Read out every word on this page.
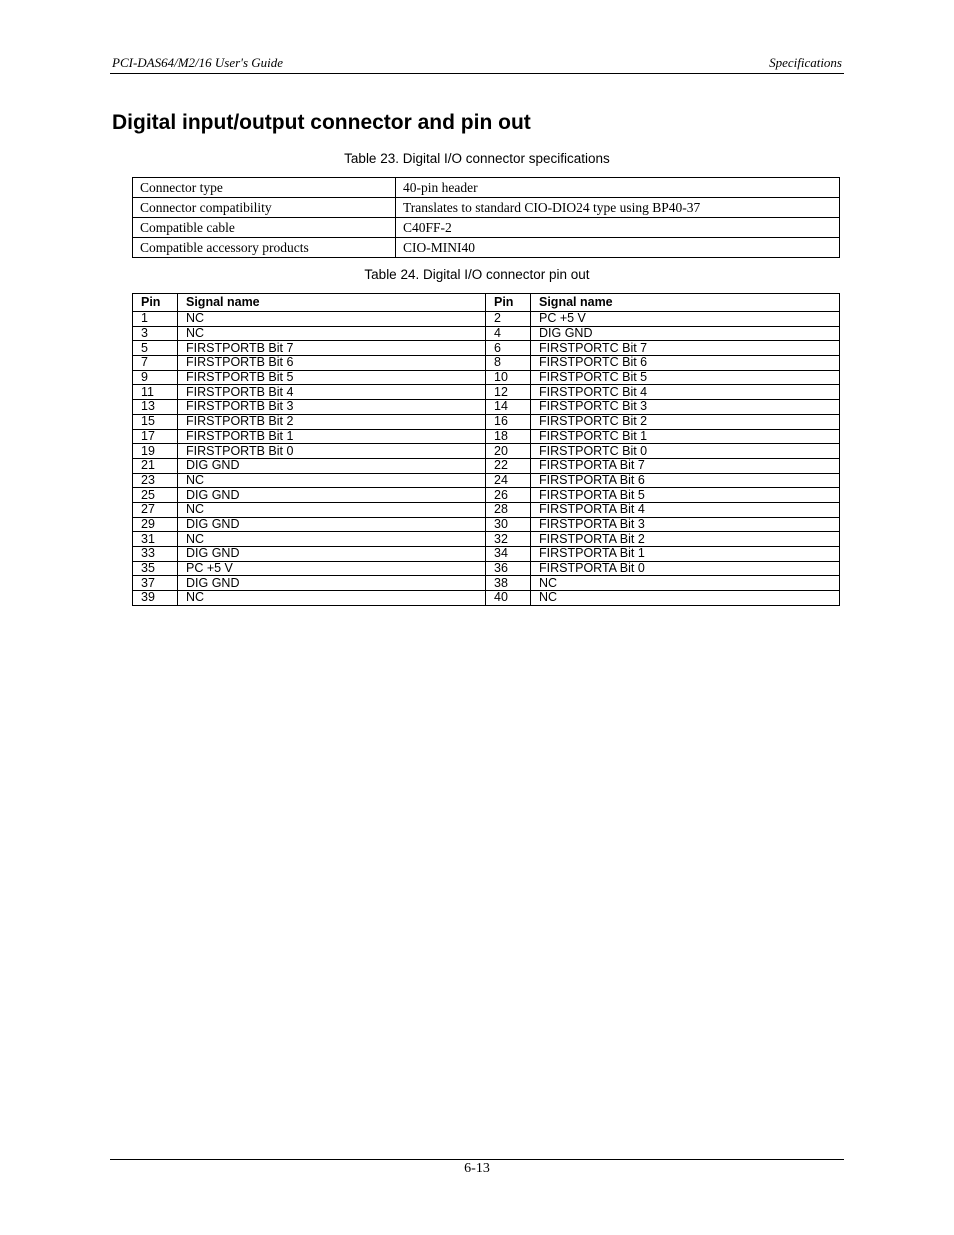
PCI-DAS64/M2/16 User's Guide	Specifications
Digital input/output connector and pin out
Table 23. Digital I/O connector specifications
Connector type	40-pin header
Connector compatibility	Translates to standard CIO-DIO24 type using BP40-37
Compatible cable	C40FF-2
Compatible accessory products	CIO-MINI40
Table 24. Digital I/O connector pin out
Pin	Signal name	Pin	Signal name
1	NC	2	PC +5 V
3	NC	4	DIG GND
5	FIRSTPORTB Bit 7	6	FIRSTPORTC Bit 7
7	FIRSTPORTB Bit 6	8	FIRSTPORTC Bit 6
9	FIRSTPORTB Bit 5	10	FIRSTPORTC Bit 5
11	FIRSTPORTB Bit 4	12	FIRSTPORTC Bit 4
13	FIRSTPORTB Bit 3	14	FIRSTPORTC Bit 3
15	FIRSTPORTB Bit 2	16	FIRSTPORTC Bit 2
17	FIRSTPORTB Bit 1	18	FIRSTPORTC Bit 1
19	FIRSTPORTB Bit 0	20	FIRSTPORTC Bit 0
21	DIG GND	22	FIRSTPORTA Bit 7
23	NC	24	FIRSTPORTA Bit 6
25	DIG GND	26	FIRSTPORTA Bit 5
27	NC	28	FIRSTPORTA Bit 4
29	DIG GND	30	FIRSTPORTA Bit 3
31	NC	32	FIRSTPORTA Bit 2
33	DIG GND	34	FIRSTPORTA Bit 1
35	PC +5 V	36	FIRSTPORTA Bit 0
37	DIG GND	38	NC
39	NC	40	NC
6-13
